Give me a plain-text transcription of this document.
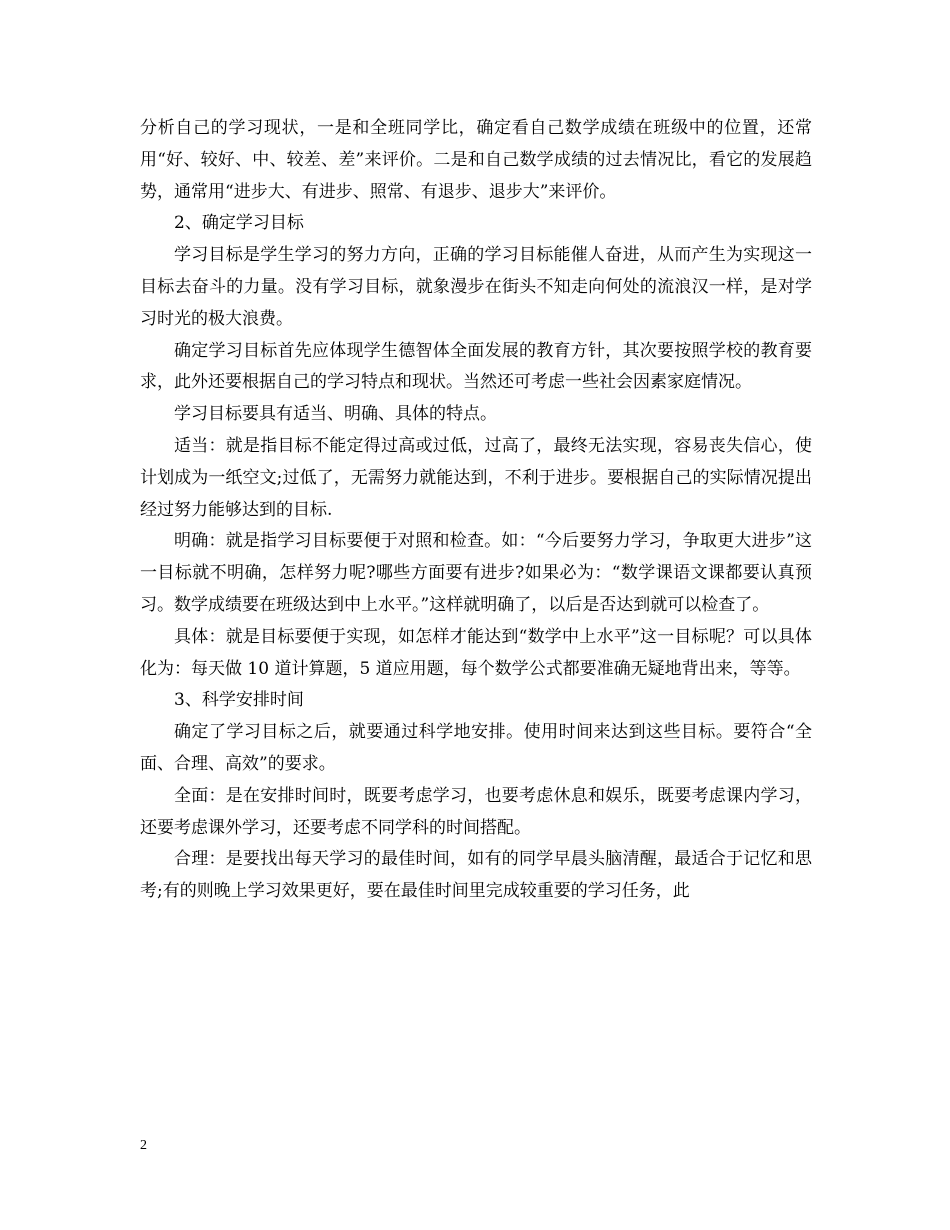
分析自己的学习现状，一是和全班同学比，确定看自己数学成绩在班级中的位置，还常用“好、较好、中、较差、差”来评价。二是和自己数学成绩的过去情况比，看它的发展趋势，通常用“进步大、有进步、照常、有退步、退步大”来评价。

2、确定学习目标

学习目标是学生学习的努力方向，正确的学习目标能催人奋进，从而产生为实现这一目标去奋斗的力量。没有学习目标，就象漫步在街头不知走向何处的流浪汉一样，是对学习时光的极大浪费。

确定学习目标首先应体现学生德智体全面发展的教育方针，其次要按照学校的教育要求，此外还要根据自己的学习特点和现状。当然还可考虑一些社会因素家庭情况。

学习目标要具有适当、明确、具体的特点。

适当：就是指目标不能定得过高或过低，过高了，最终无法实现，容易丧失信心，使计划成为一纸空文;过低了，无需努力就能达到，不利于进步。要根据自己的实际情况提出经过努力能够达到的目标.

明确：就是指学习目标要便于对照和检查。如：“今后要努力学习，争取更大进步”这一目标就不明确，怎样努力呢?哪些方面要有进步?如果必为：“数学课语文课都要认真预习。数学成绩要在班级达到中上水平。”这样就明确了，以后是否达到就可以检查了。

具体：就是目标要便于实现，如怎样才能达到“数学中上水平”这一目标呢？可以具体化为：每天做 10 道计算题，5 道应用题，每个数学公式都要准确无疑地背出来，等等。

3、科学安排时间

确定了学习目标之后，就要通过科学地安排。使用时间来达到这些目标。要符合“全面、合理、高效”的要求。

全面：是在安排时间时，既要考虑学习，也要考虑休息和娱乐，既要考虑课内学习，还要考虑课外学习，还要考虑不同学科的时间搭配。

合理：是要找出每天学习的最佳时间，如有的同学早晨头脑清醒，最适合于记忆和思考;有的则晚上学习效果更好，要在最佳时间里完成较重要的学习任务，此

2
